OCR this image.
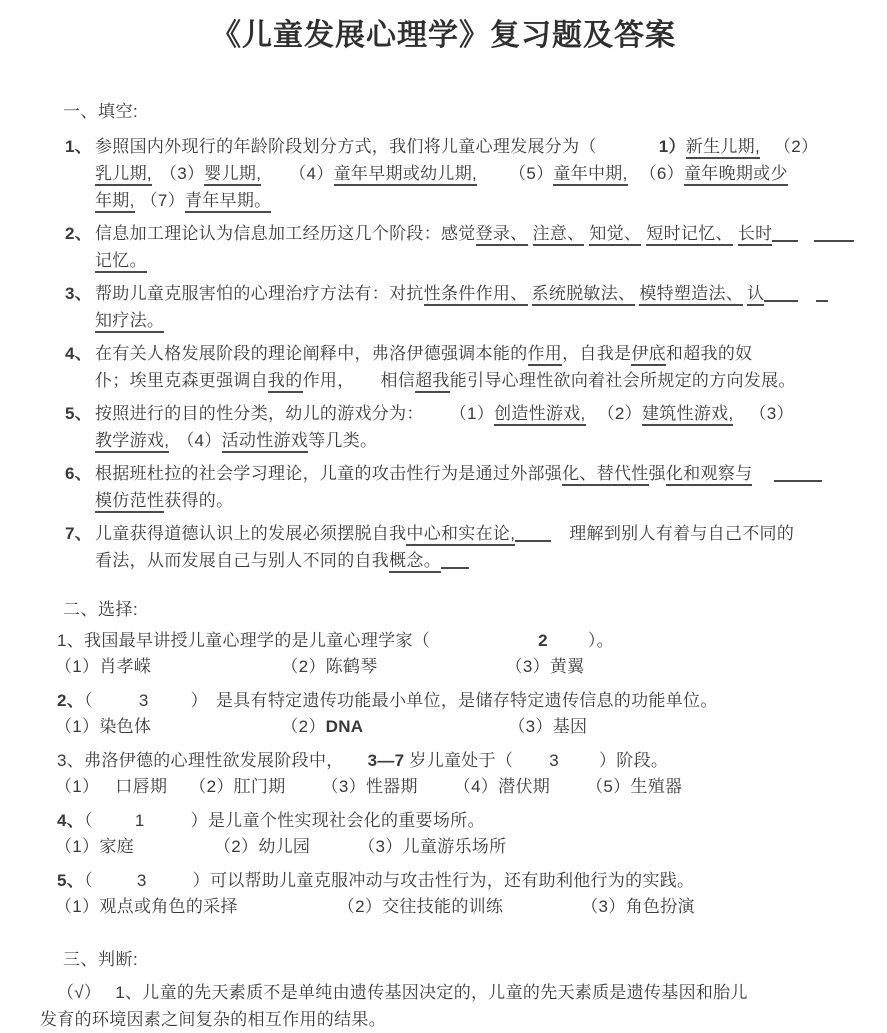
《儿童发展心理学》复习题及答案
一、填空:
1、 参照国内外现行的年龄阶段划分方式，我们将儿童心理发展分为（	1）新生儿期, （2）
乳儿期, （3）婴儿期, （4）童年早期或幼儿期, （5）童年中期, （6）童年晚期或少
年期, （7）青年早期。
2、 信息加工理论认为信息加工经历这几个阶段：感觉登录、 注意、 知觉、 短时记忆、 长时
记忆。
3、 帮助儿童克服害怕的心理治疗方法有：对抗性条件作用、 系统脱敏法、 模特塑造法、 认
知疗法。
4、 在有关人格发展阶段的理论阐释中，弗洛伊德强调本能的作用，自我是伊底和超我的奴
仆；埃里克森更强调自我的作用， 相信超我能引导心理性欲向着社会所规定的方向发展。
5、 按照进行的目的性分类，幼儿的游戏分为： （1）创造性游戏, （2）建筑性游戏, （3）
教学游戏, （4）活动性游戏等几类。
6、 根据班杜拉的社会学习理论，儿童的攻击性行为是通过外部强化、替代性强化和观察与
模仿范性获得的。
7、 儿童获得道德认识上的发展必须摆脱自我中心和实在论,	理解到别人有着与自己不同的
看法，从而发展自己与别人不同的自我概念。
二、选择:
1、我国最早讲授儿童心理学的是儿童心理学家（	2 ）。
（1）肖孝嵘	（2）陈鹤琴	（3）黄翼
2、（	3 ） 是具有特定遗传功能最小单位，是储存特定遗传信息的功能单位。
（1）染色体	（2）DNA	（3）基因
3、弗洛伊德的心理性欲发展阶段中， 3—7 岁儿童处于（ 3 ）阶段。
（1） 口唇期 （2）肛门期 （3）性器期 （4）潜伏期 （5）生殖器
4、（ 1	）是儿童个性实现社会化的重要场所。
（1）家庭	（2）幼儿园	（3）儿童游乐场所
5、（	3	）可以帮助儿童克服冲动与攻击性行为，还有助利他行为的实践。
（1）观点或角色的采择	（2）交往技能的训练	（3）角色扮演
三、判断:
（√） 1、儿童的先天素质不是单纯由遗传基因决定的，儿童的先天素质是遗传基因和胎儿
发育的环境因素之间复杂的相互作用的结果。
